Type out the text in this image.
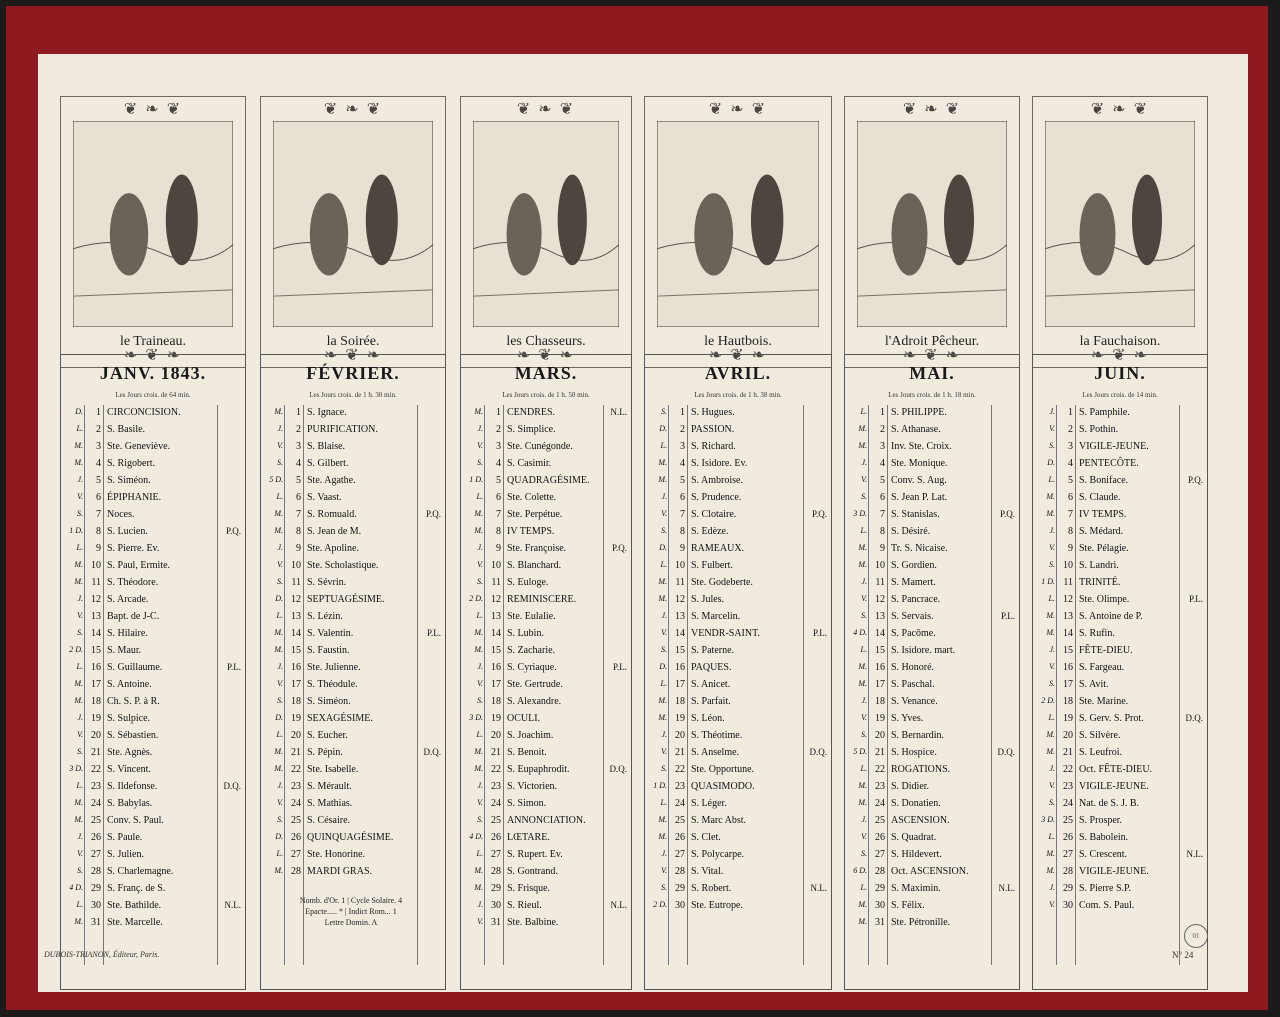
❦ ❧ ❦
❧ ❦ ❧
le Traineau.
JANV. 1843.
Les Jours crois. de 64 min.
D.	1 CIRCONCISION.
L.	2 S. Basile.
M.	3 Ste. Geneviève.
M.	4 S. Rigobert.
J.	5 S. Siméon.
V.	6 ÉPIPHANIE.
S.	7 Noces.
1 D.	8 S. Lucien.	P.Q.
L.	9 S. Pierre. Ev.
M. 10 S. Paul, Ermite.
M. 11 S. Théodore.
J. 12 S. Arcade.
V. 13 Bapt. de J-C.
S. 14 S. Hilaire.
2 D. 15 S. Maur.
L. 16 S. Guillaume.	P.L.
M. 17 S. Antoine.
M. 18 Ch. S. P. à R.
J. 19 S. Sulpice.
V. 20 S. Sébastien.
S. 21 Ste. Agnès.
3 D. 22 S. Vincent.
L. 23 S. Ildefonse.	D.Q.
M. 24 S. Babylas.
M. 25 Conv. S. Paul.
J. 26 S. Paule.
V. 27 S. Julien.
S. 28 S. Charlemagne.
4 D. 29 S. Franç. de S.
L. 30 Ste. Bathilde.	N.L.
M. 31 Ste. Marcelle.
❦ ❧ ❦
❧ ❦ ❧
la Soirée.
FÉVRIER.
Les Jours crois. de 1 h. 30 min.
M.	1 S. Ignace.
J.	2 PURIFICATION.
V.	3 S. Blaise.
S.	4 S. Gilbert.
5 D.	5 Ste. Agathe.
L.	6 S. Vaast.
M.	7 S. Romuald.	P.Q.
M.	8 S. Jean de M.
J.	9 Ste. Apoline.
V. 10 Ste. Scholastique.
S. 11 S. Sévrin.
D. 12 SEPTUAGÉSIME.
L. 13 S. Lézin.
M. 14 S. Valentin.	P.L.
M. 15 S. Faustin.
J. 16 Ste. Julienne.
V. 17 S. Théodule.
S. 18 S. Siméon.
D. 19 SEXAGÉSIME.
L. 20 S. Eucher.
M. 21 S. Pépin.	D.Q.
M. 22 Ste. Isabelle.
J. 23 S. Mérault.
V. 24 S. Mathias.
S. 25 S. Césaire.
D. 26 QUINQUAGÉSIME.
L. 27 Ste. Honorine.
M. 28 MARDI GRAS.
Nomb. d'Or. 1 | Cycle Solaire. 4
Epacte..... * | Indict Rom... 1
Lettre Domin. A
❦ ❧ ❦
❧ ❦ ❧
les Chasseurs.
MARS.
Les Jours crois. de 1 h. 50 min.
M.	1 CENDRES.	N.L.
J.	2 S. Simplice.
V.	3 Ste. Cunégonde.
S.	4 S. Casimir.
1 D.	5 QUADRAGÉSIME.
L.	6 Ste. Colette.
M.	7 Ste. Perpétue.
M.	8 IV TEMPS.
J.	9 Ste. Françoise.	P.Q.
V. 10 S. Blanchard.
S. 11 S. Euloge.
2 D. 12 REMINISCERE.
L. 13 Ste. Eulalie.
M. 14 S. Lubin.
M. 15 S. Zacharie.
J. 16 S. Cyriaque.	P.L.
V. 17 Ste. Gertrude.
S. 18 S. Alexandre.
3 D. 19 OCULI.
L. 20 S. Joachim.
M. 21 S. Benoit.
M. 22 S. Eupaphrodit.	D.Q.
J. 23 S. Victorien.
V. 24 S. Simon.
S. 25 ANNONCIATION.
4 D. 26 LŒTARE.
L. 27 S. Rupert. Ev.
M. 28 S. Gontrand.
M. 29 S. Frisque.
J. 30 S. Rieul.	N.L.
V. 31 Ste. Balbine.
❦ ❧ ❦
❧ ❦ ❧
le Hautbois.
AVRIL.
Les Jours crois. de 1 h. 38 min.
S.	1 S. Hugues.
D.	2 PASSION.
L.	3 S. Richard.
M.	4 S. Isidore. Ev.
M.	5 S. Ambroise.
J.	6 S. Prudence.
V.	7 S. Clotaire.	P.Q.
S.	8 S. Edèze.
D.	9 RAMEAUX.
L. 10 S. Fulbert.
M. 11 Ste. Godeberte.
M. 12 S. Jules.
J. 13 S. Marcelin.
V. 14 VENDR-SAINT.	P.L.
S. 15 S. Paterne.
D. 16 PAQUES.
L. 17 S. Anicet.
M. 18 S. Parfait.
M. 19 S. Léon.
J. 20 S. Théotime.
V. 21 S. Anselme.	D.Q.
S. 22 Ste. Opportune.
1 D. 23 QUASIMODO.
L. 24 S. Léger.
M. 25 S. Marc Abst.
M. 26 S. Clet.
J. 27 S. Polycarpe.
V. 28 S. Vital.
S. 29 S. Robert.	N.L.
2 D. 30 Ste. Eutrope.
❦ ❧ ❦
❧ ❦ ❧
l'Adroit Pêcheur.
MAI.
Les Jours crois. de 1 h. 18 min.
L.	1 S. PHILIPPE.
M.	2 S. Athanase.
M.	3 Inv. Ste. Croix.
J.	4 Ste. Monique.
V.	5 Conv. S. Aug.
S.	6 S. Jean P. Lat.
3 D.	7 S. Stanislas.	P.Q.
L.	8 S. Désiré.
M.	9 Tr. S. Nicaise.
M. 10 S. Gordien.
J. 11 S. Mamert.
V. 12 S. Pancrace.
S. 13 S. Servais.	P.L.
4 D. 14 S. Pacôme.
L. 15 S. Isidore. mart.
M. 16 S. Honoré.
M. 17 S. Paschal.
J. 18 S. Venance.
V. 19 S. Yves.
S. 20 S. Bernardin.
5 D. 21 S. Hospice.	D.Q.
L. 22 ROGATIONS.
M. 23 S. Didier.
M. 24 S. Donatien.
J. 25 ASCENSION.
V. 26 S. Quadrat.
S. 27 S. Hildevert.
6 D. 28 Oct. ASCENSION.
L. 29 S. Maximin.	N.L.
M. 30 S. Félix.
M. 31 Ste. Pétronille.
❦ ❧ ❦
❧ ❦ ❧
la Fauchaison.
JUIN.
Les Jours crois. de 14 min.
J.	1 S. Pamphile.
V.	2 S. Pothin.
S.	3 VIGILE-JEUNE.
D.	4 PENTECÔTE.
L.	5 S. Boniface.	P.Q.
M.	6 S. Claude.
M.	7 IV TEMPS.
J.	8 S. Médard.
V.	9 Ste. Pélagie.
S. 10 S. Landri.
1 D. 11 TRINITÉ.
L. 12 Ste. Olimpe.	P.L.
M. 13 S. Antoine de P.
M. 14 S. Rufin.
J. 15 FÊTE-DIEU.
V. 16 S. Fargeau.
S. 17 S. Avit.
2 D. 18 Ste. Marine.
L. 19 S. Gerv. S. Prot.	D.Q.
M. 20 S. Silvère.
M. 21 S. Leufroi.
J. 22 Oct. FÊTE-DIEU.
V. 23 VIGILE-JEUNE.
S. 24 Nat. de S. J. B.
3 D. 25 S. Prosper.
L. 26 S. Babolein.
M. 27 S. Crescent.	N.L.
M. 28 VIGILE-JEUNE.
J. 29 S. Pierre S.P.
V. 30 Com. S. Paul.
DUBOIS-TRIANON, Éditeur, Paris.	N° 24
01
